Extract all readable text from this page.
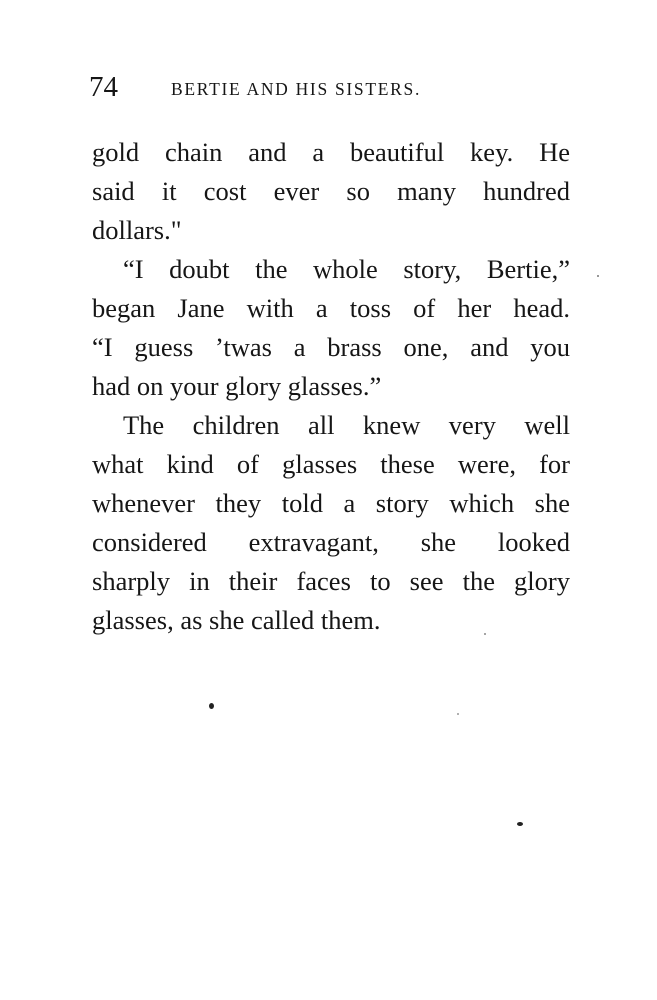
74	BERTIE AND HIS SISTERS.
gold chain and a beautiful key. He
said it cost ever so many hundred
dollars."
“I doubt the whole story, Bertie,”
began Jane with a toss of her head.
“I guess ’twas a brass one, and you
had on your glory glasses.”
The children all knew very well
what kind of glasses these were, for
whenever they told a story which she
considered extravagant, she looked
sharply in their faces to see the glory
glasses, as she called them.
